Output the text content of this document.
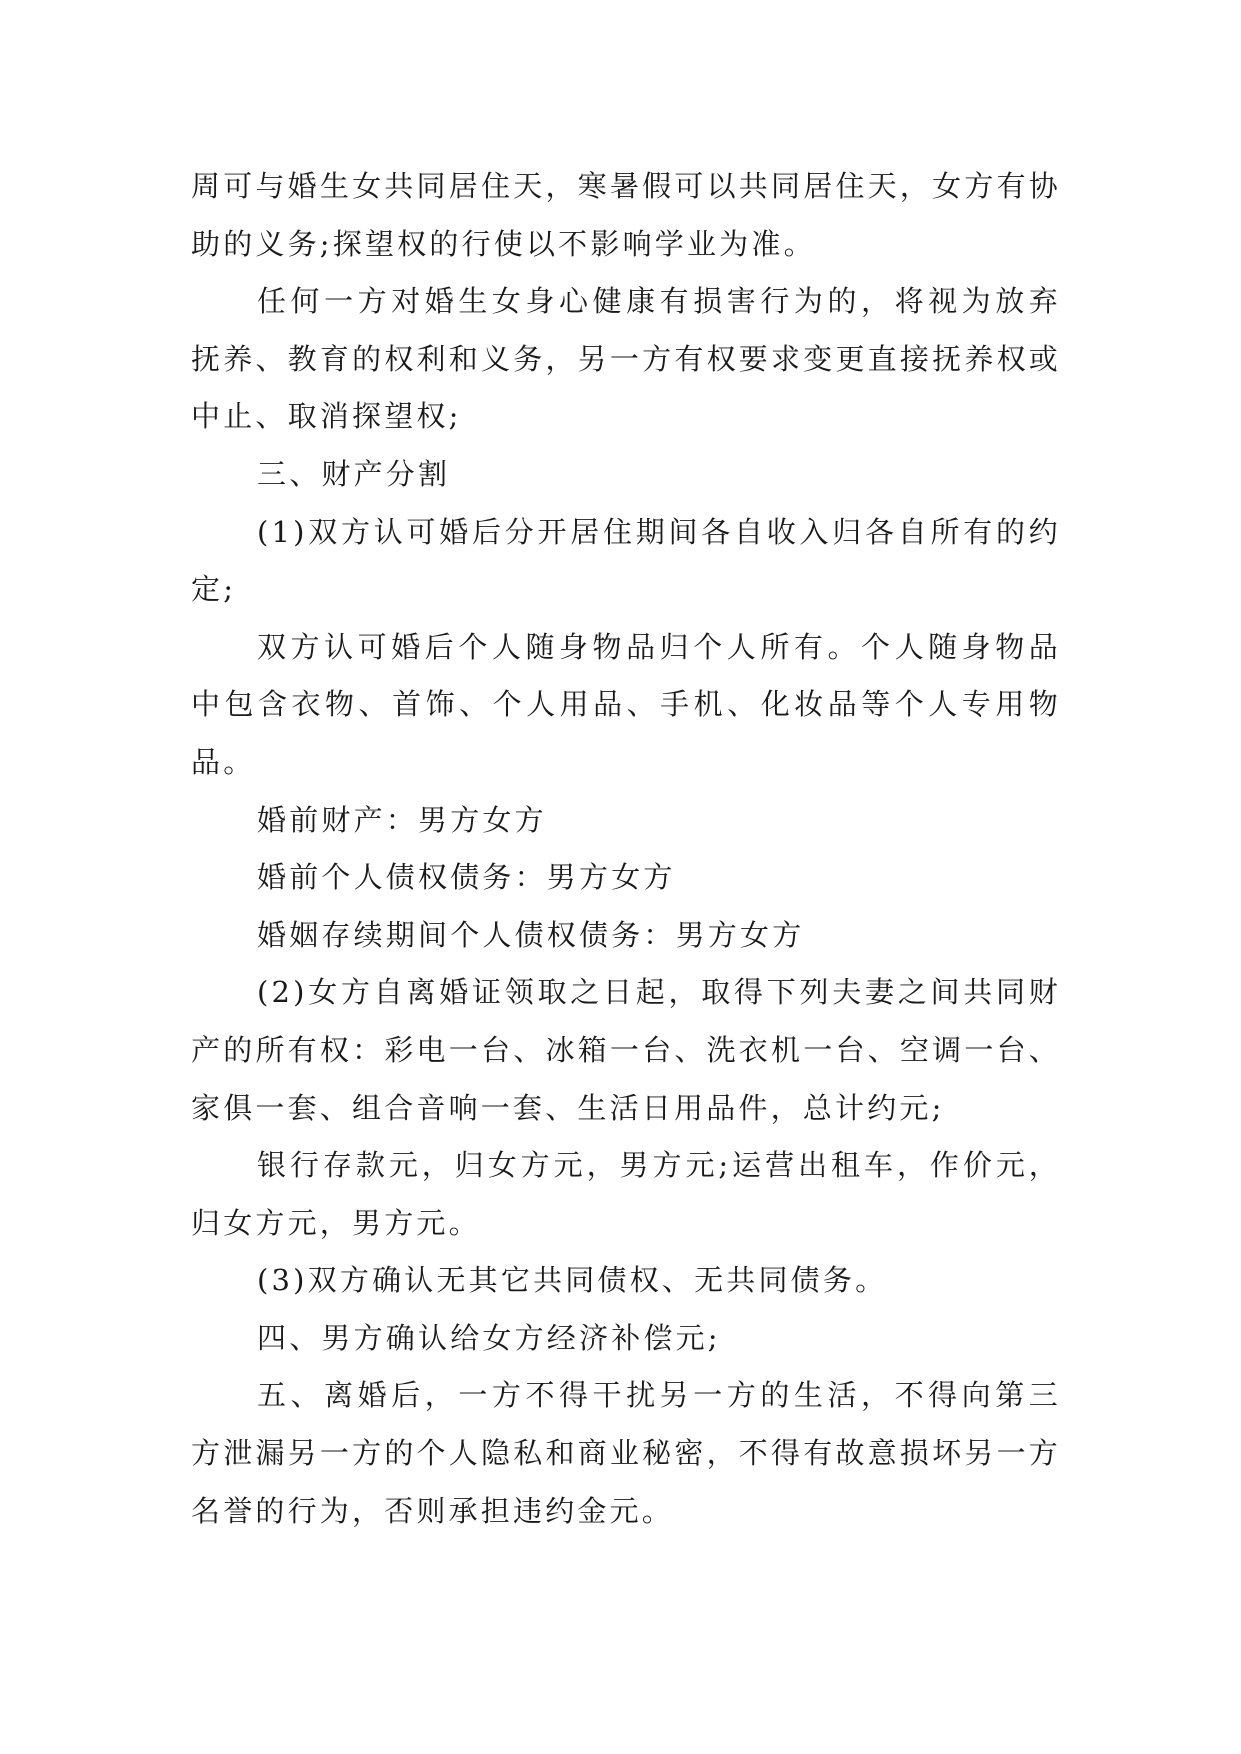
周可与婚生女共同居住天，寒暑假可以共同居住天，女方有协助的义务;探望权的行使以不影响学业为准。

任何一方对婚生女身心健康有损害行为的，将视为放弃抚养、教育的权利和义务，另一方有权要求变更直接抚养权或中止、取消探望权;

三、财产分割

(1)双方认可婚后分开居住期间各自收入归各自所有的约定;

双方认可婚后个人随身物品归个人所有。个人随身物品中包含衣物、首饰、个人用品、手机、化妆品等个人专用物品。

婚前财产：男方女方

婚前个人债权债务：男方女方

婚姻存续期间个人债权债务：男方女方

(2)女方自离婚证领取之日起，取得下列夫妻之间共同财产的所有权：彩电一台、冰箱一台、洗衣机一台、空调一台、家俱一套、组合音响一套、生活日用品件，总计约元;

银行存款元，归女方元，男方元;运营出租车，作价元，归女方元，男方元。

(3)双方确认无其它共同债权、无共同债务。

四、男方确认给女方经济补偿元;

五、离婚后，一方不得干扰另一方的生活，不得向第三方泄漏另一方的个人隐私和商业秘密，不得有故意损坏另一方名誉的行为，否则承担违约金元。
